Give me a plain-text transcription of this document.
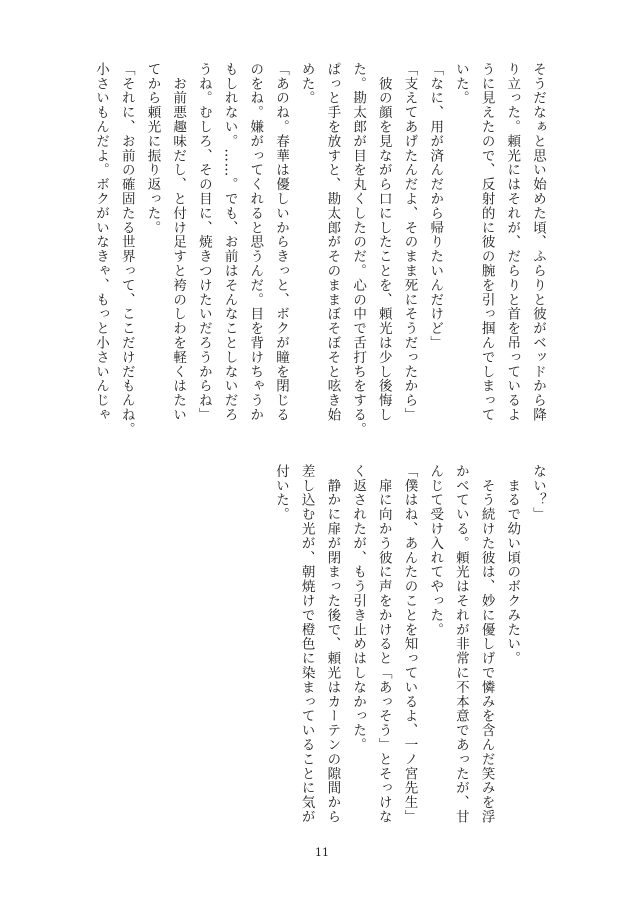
そうだなぁと思い始めた頃、ふらりと彼がベッドから降
り立った。頼光にはそれが、だらりと首を吊っているよ
うに見えたので、反射的に彼の腕を引っ掴んでしまって
いた。
「なに、用が済んだから帰りたいんだけど」
「支えてあげたんだよ、そのまま死にそうだったから」
　彼の顔を見ながら口にしたことを、頼光は少し後悔し
た。勘太郎が目を丸くしたのだ。心の中で舌打ちをする。
ぱっと手を放すと、勘太郎がそのままぼそぼそと呟き始
めた。
「あのね。春華は優しいからきっと、ボクが瞳を閉じる
のをね。嫌がってくれると思うんだ。目を背けちゃうか
もしれない。……。でも、お前はそんなことしないだろ
うね。むしろ、その目に、焼きつけたいだろうからね」
　お前悪趣味だし、と付け足すと袴のしわを軽くはたい
てから頼光に振り返った。
「それに、お前の確固たる世界って、ここだけだもんね。
小さいもんだよ。ボクがいなきゃ、もっと小さいんじゃ
ない？」
　まるで幼い頃のボクみたい。
　そう続けた彼は、妙に優しげで憐みを含んだ笑みを浮
かべている。頼光はそれが非常に不本意であったが、甘
んじて受け入れてやった。
「僕はね、あんたのことを知っているよ、一ノ宮先生」
　扉に向かう彼に声をかけると「あっそう」とそっけな
く返されたが、もう引き止めはしなかった。
　静かに扉が閉まった後で、頼光はカーテンの隙間から
差し込む光が、朝焼けで橙色に染まっていることに気が
付いた。
11
